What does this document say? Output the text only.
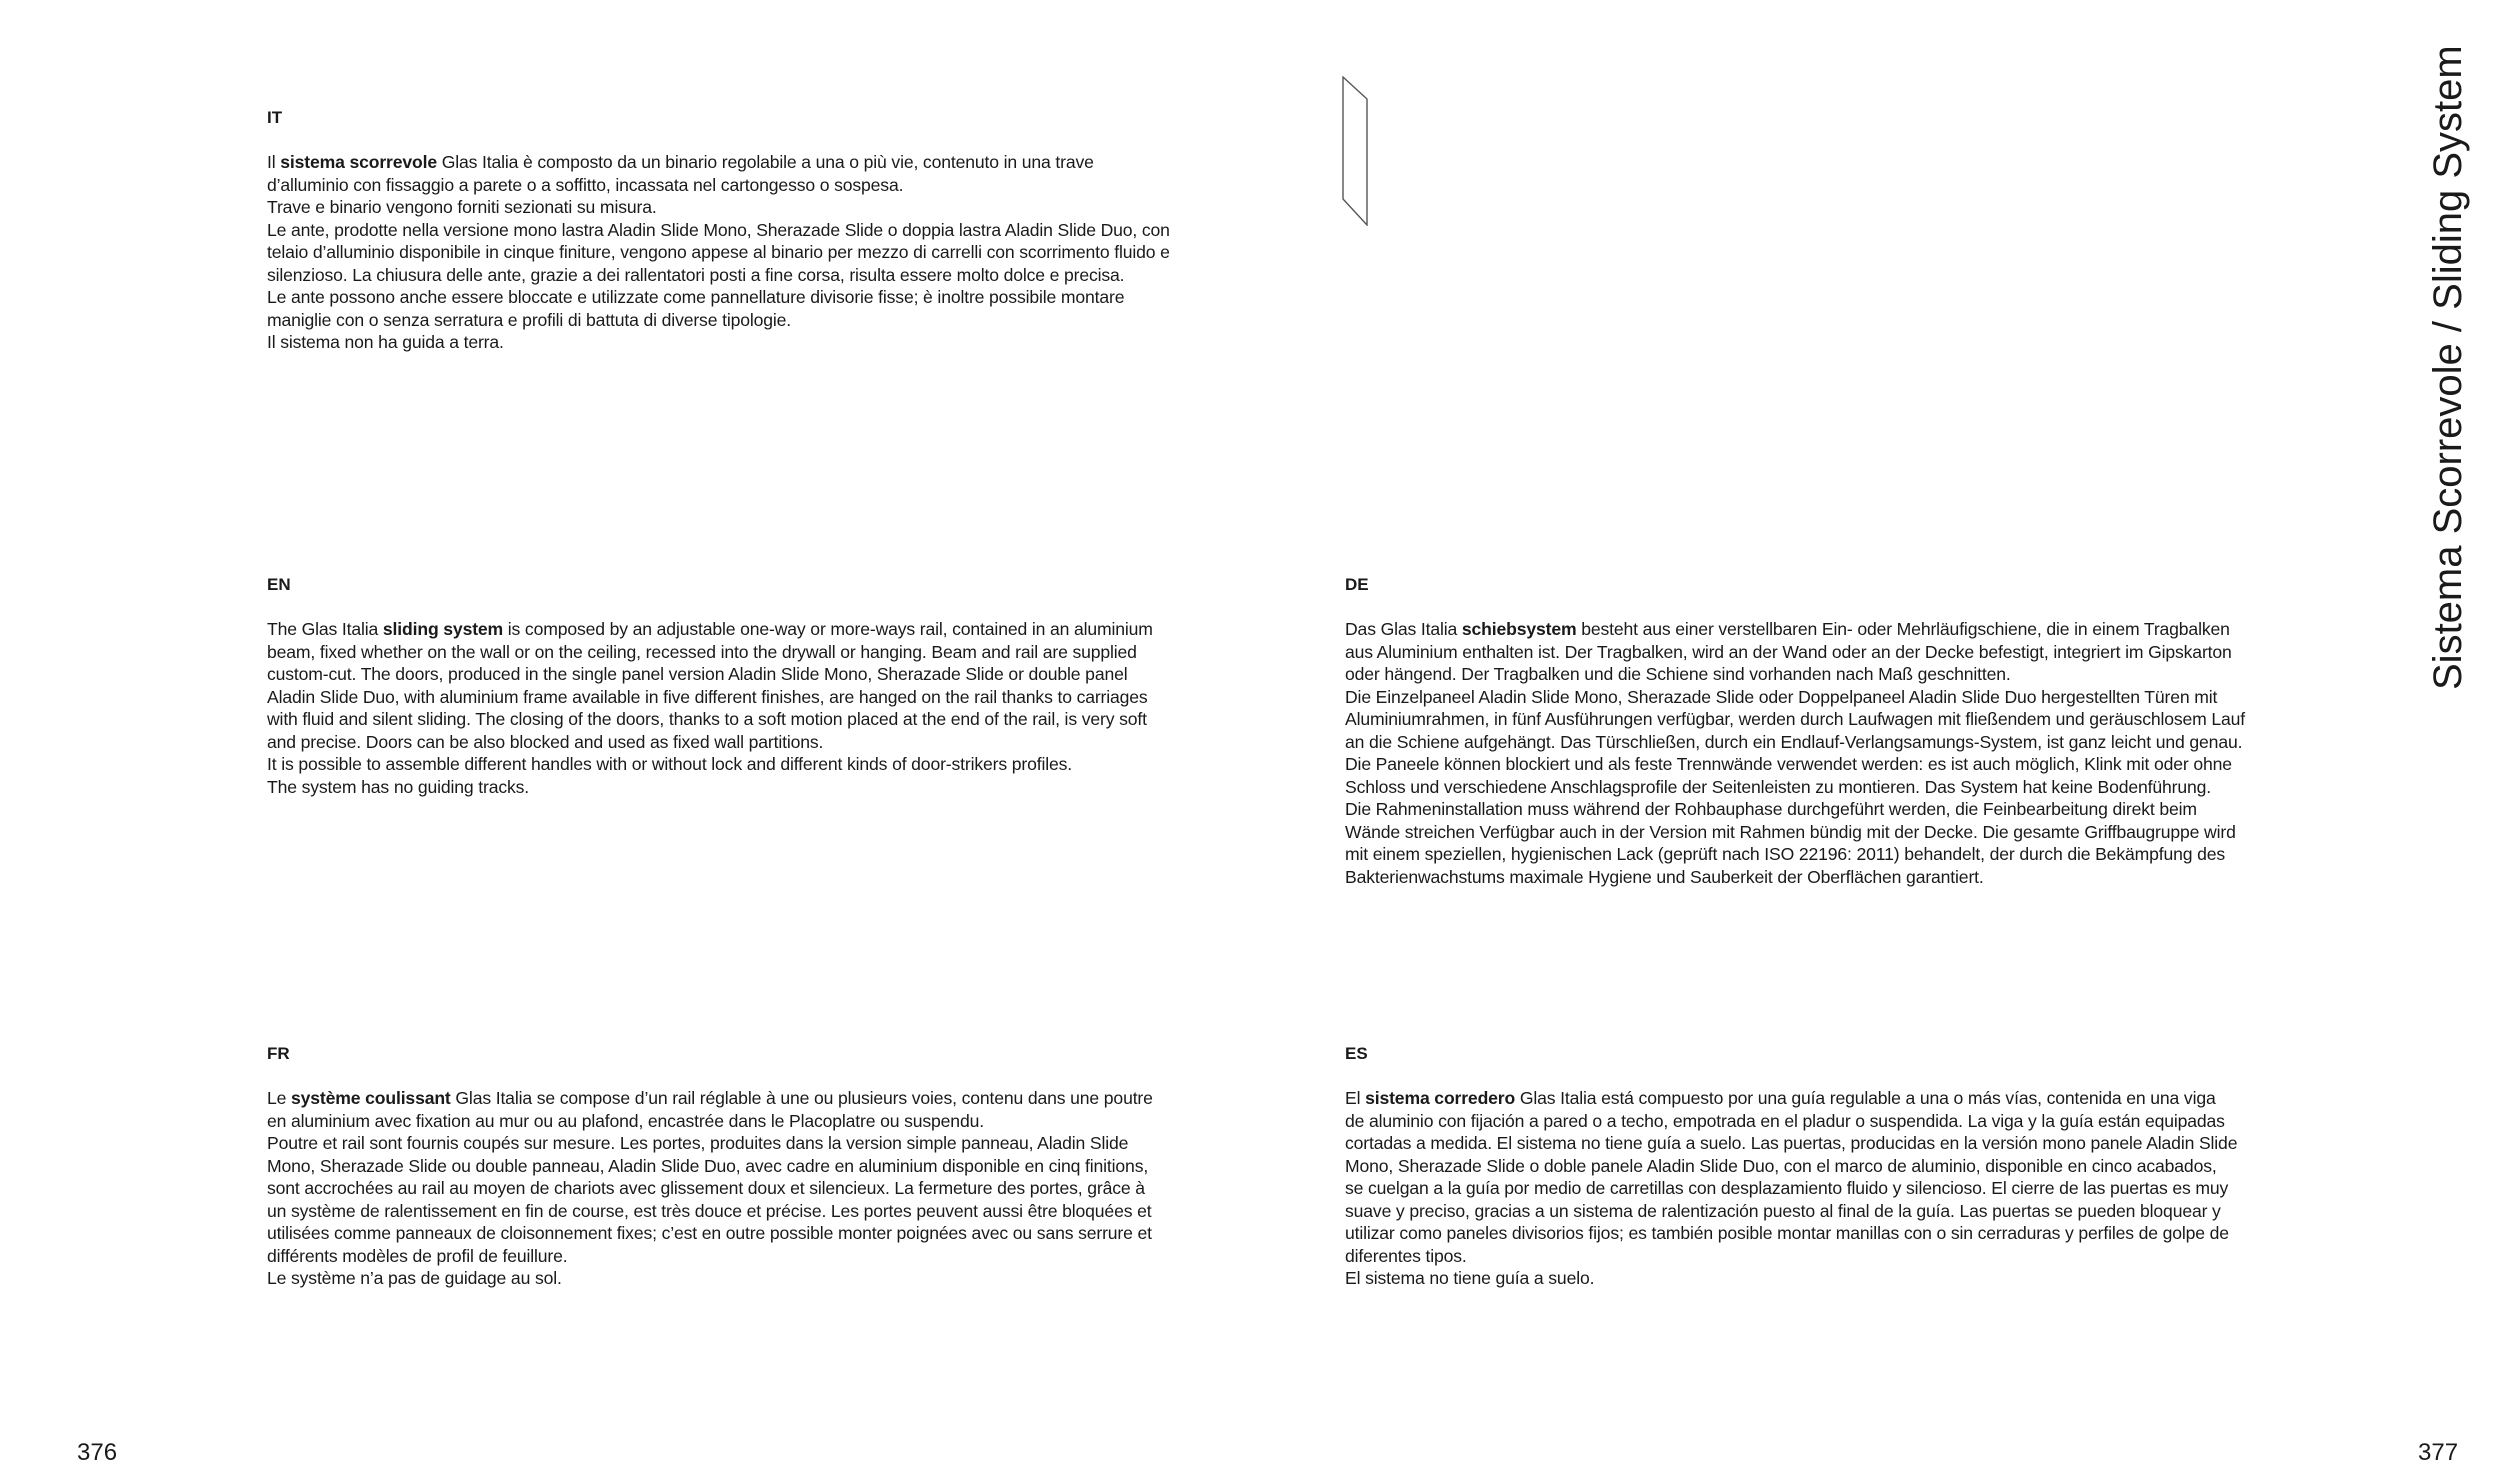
Sistema Scorrevole / Sliding System
IT

Il sistema scorrevole Glas Italia è composto da un binario regolabile a una o più vie, contenuto in una trave
d’alluminio con fissaggio a parete o a soffitto, incassata nel cartongesso o sospesa.
Trave e binario vengono forniti sezionati su misura.
Le ante, prodotte nella versione mono lastra Aladin Slide Mono, Sherazade Slide o doppia lastra Aladin Slide Duo, con
telaio d’alluminio disponibile in cinque finiture, vengono appese al binario per mezzo di carrelli con scorrimento fluido e
silenzioso. La chiusura delle ante, grazie a dei rallentatori posti a fine corsa, risulta essere molto dolce e precisa.
Le ante possono anche essere bloccate e utilizzate come pannellature divisorie fisse; è inoltre possibile montare
maniglie con o senza serratura e profili di battuta di diverse tipologie.
Il sistema non ha guida a terra.

EN

The Glas Italia sliding system is composed by an adjustable one-way or more-ways rail, contained in an aluminium
beam, fixed whether on the wall or on the ceiling, recessed into the drywall or hanging. Beam and rail are supplied
custom-cut. The doors, produced in the single panel version Aladin Slide Mono, Sherazade Slide or double panel
Aladin Slide Duo, with aluminium frame available in five different finishes, are hanged on the rail thanks to carriages
with fluid and silent sliding. The closing of the doors, thanks to a soft motion placed at the end of the rail, is very soft
and precise. Doors can be also blocked and used as fixed wall partitions.
It is possible to assemble different handles with or without lock and different kinds of door-strikers profiles.
The system has no guiding tracks.

DE

Das Glas Italia schiebsystem besteht aus einer verstellbaren Ein- oder Mehrläufigschiene, die in einem Tragbalken
aus Aluminium enthalten ist. Der Tragbalken, wird an der Wand oder an der Decke befestigt, integriert im Gipskarton
oder hängend. Der Tragbalken und die Schiene sind vorhanden nach Maß geschnitten.
Die Einzelpaneel Aladin Slide Mono, Sherazade Slide oder Doppelpaneel Aladin Slide Duo hergestellten Türen mit
Aluminiumrahmen, in fünf Ausführungen verfügbar, werden durch Laufwagen mit fließendem und geräuschlosem Lauf
an die Schiene aufgehängt. Das Türschließen, durch ein Endlauf-Verlangsamungs-System, ist ganz leicht und genau.
Die Paneele können blockiert und als feste Trennwände verwendet werden: es ist auch möglich, Klink mit oder ohne
Schloss und verschiedene Anschlagsprofile der Seitenleisten zu montieren. Das System hat keine Bodenführung.
Die Rahmeninstallation muss während der Rohbauphase durchgeführt werden, die Feinbearbeitung direkt beim
Wände streichen Verfügbar auch in der Version mit Rahmen bündig mit der Decke. Die gesamte Griffbaugruppe wird
mit einem speziellen, hygienischen Lack (geprüft nach ISO 22196: 2011) behandelt, der durch die Bekämpfung des
Bakterienwachstums maximale Hygiene und Sauberkeit der Oberflächen garantiert.

FR

Le système coulissant Glas Italia se compose d’un rail réglable à une ou plusieurs voies, contenu dans une poutre
en aluminium avec fixation au mur ou au plafond, encastrée dans le Placoplatre ou suspendu.
Poutre et rail sont fournis coupés sur mesure. Les portes, produites dans la version simple panneau, Aladin Slide
Mono, Sherazade Slide ou double panneau, Aladin Slide Duo, avec cadre en aluminium disponible en cinq finitions,
sont accrochées au rail au moyen de chariots avec glissement doux et silencieux. La fermeture des portes, grâce à
un système de ralentissement en fin de course, est très douce et précise. Les portes peuvent aussi être bloquées et
utilisées comme panneaux de cloisonnement fixes; c’est en outre possible monter poignées avec ou sans serrure et
différents modèles de profil de feuillure.
Le système n’a pas de guidage au sol.

ES

El sistema corredero Glas Italia está compuesto por una guía regulable a una o más vías, contenida en una viga
de aluminio con fijación a pared o a techo, empotrada en el pladur o suspendida. La viga y la guía están equipadas
cortadas a medida. El sistema no tiene guía a suelo. Las puertas, producidas en la versión mono panele Aladin Slide
Mono, Sherazade Slide o doble panele Aladin Slide Duo, con el marco de aluminio, disponible en cinco acabados,
se cuelgan a la guía por medio de carretillas con desplazamiento fluido y silencioso. El cierre de las puertas es muy
suave y preciso, gracias a un sistema de ralentización puesto al final de la guía. Las puertas se pueden bloquear y
utilizar como paneles divisorios fijos; es también posible montar manillas con o sin cerraduras y perfiles de golpe de
diferentes tipos.
El sistema no tiene guía a suelo.

376	377
